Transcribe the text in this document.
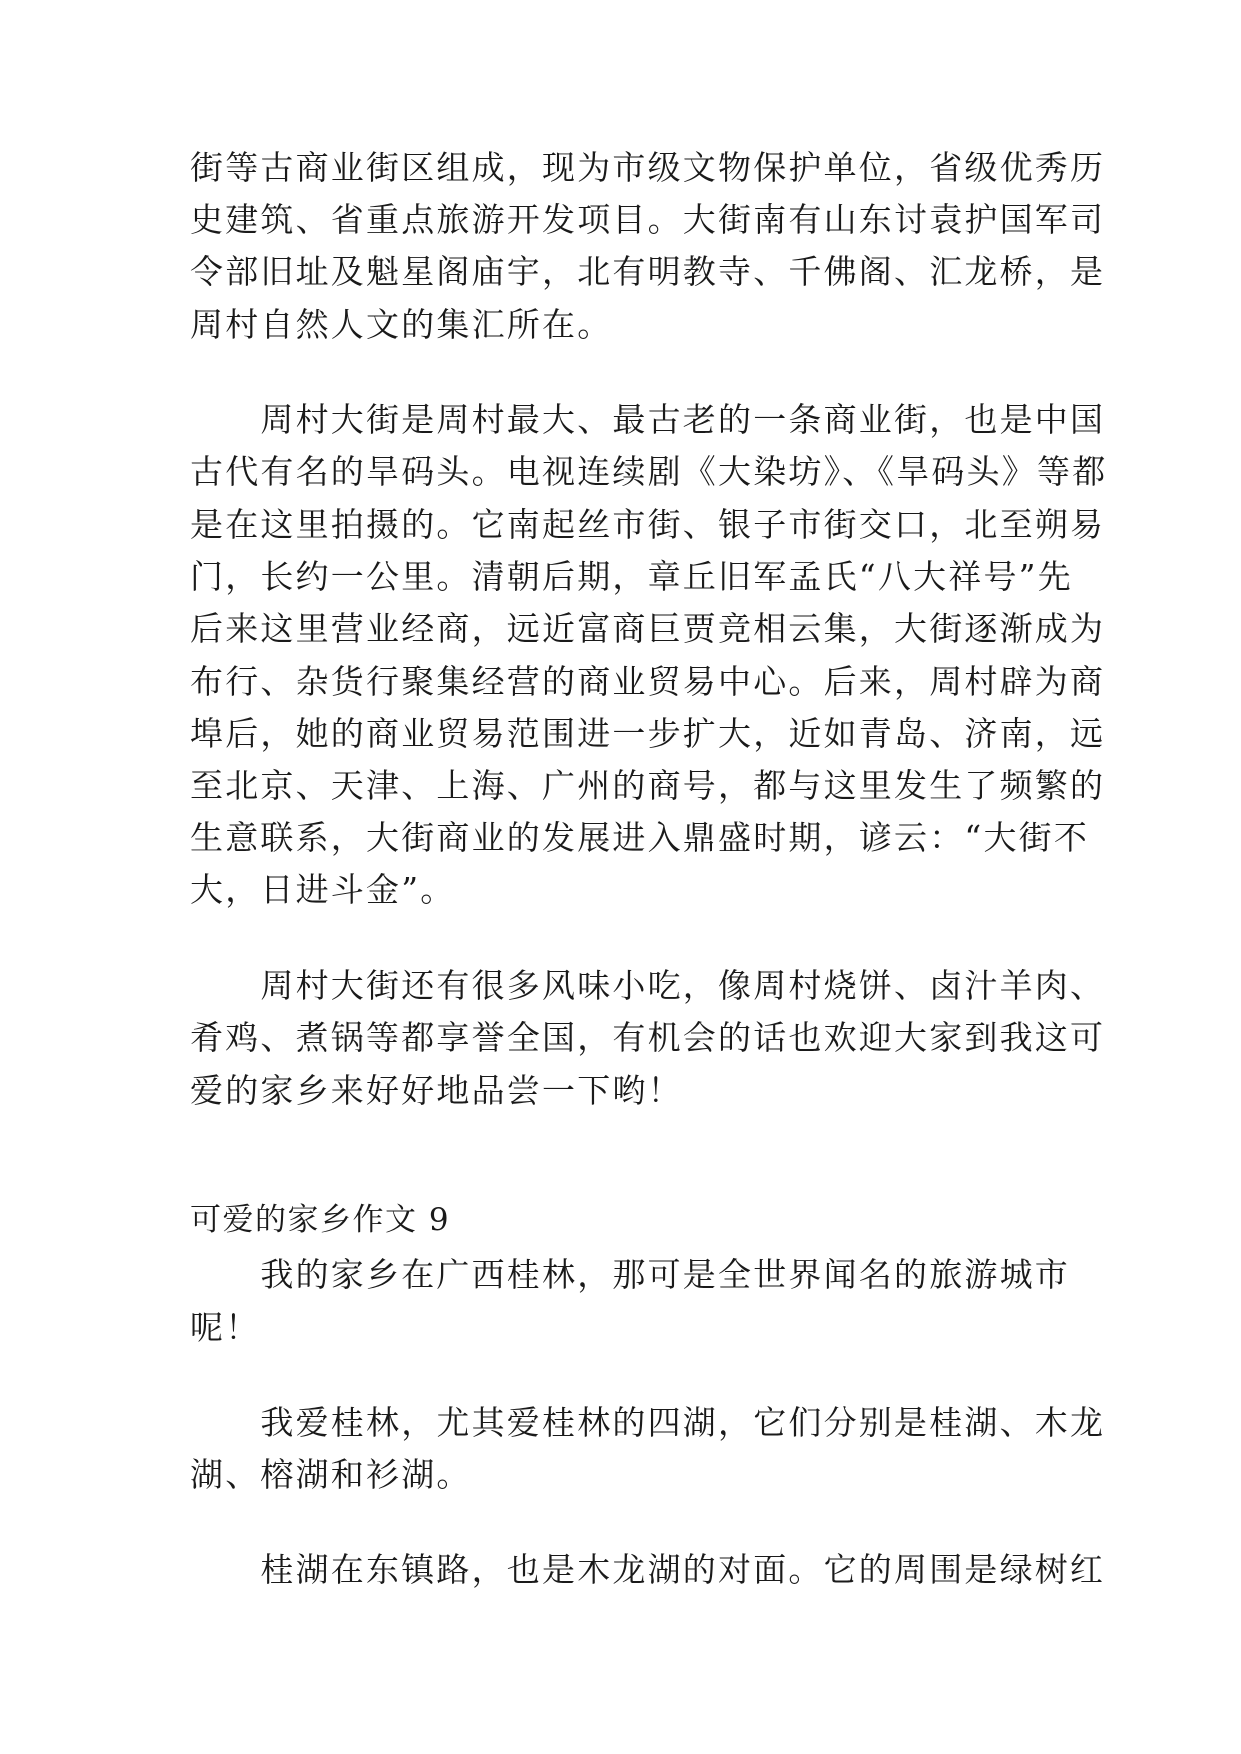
街等古商业街区组成，现为市级文物保护单位，省级优秀历

史建筑、省重点旅游开发项目。大街南有山东讨袁护国军司

令部旧址及魁星阁庙宇，北有明教寺、千佛阁、汇龙桥，是

周村自然人文的集汇所在。

　　周村大街是周村最大、最古老的一条商业街，也是中国

古代有名的旱码头。电视连续剧《大染坊》、《旱码头》等都

是在这里拍摄的。它南起丝市街、银子市街交口，北至朔易

门，长约一公里。清朝后期，章丘旧军孟氏“八大祥号”先

后来这里营业经商，远近富商巨贾竞相云集，大街逐渐成为

布行、杂货行聚集经营的商业贸易中心。后来，周村辟为商

埠后，她的商业贸易范围进一步扩大，近如青岛、济南，远

至北京、天津、上海、广州的商号，都与这里发生了频繁的

生意联系，大街商业的发展进入鼎盛时期，谚云：“大街不

大，日进斗金”。

　　周村大街还有很多风味小吃，像周村烧饼、卤汁羊肉、

肴鸡、煮锅等都享誉全国，有机会的话也欢迎大家到我这可

爱的家乡来好好地品尝一下哟！

可爱的家乡作文 9

　　我的家乡在广西桂林，那可是全世界闻名的旅游城市

呢！

　　我爱桂林，尤其爱桂林的四湖，它们分别是桂湖、木龙

湖、榕湖和衫湖。

　　桂湖在东镇路，也是木龙湖的对面。它的周围是绿树红
